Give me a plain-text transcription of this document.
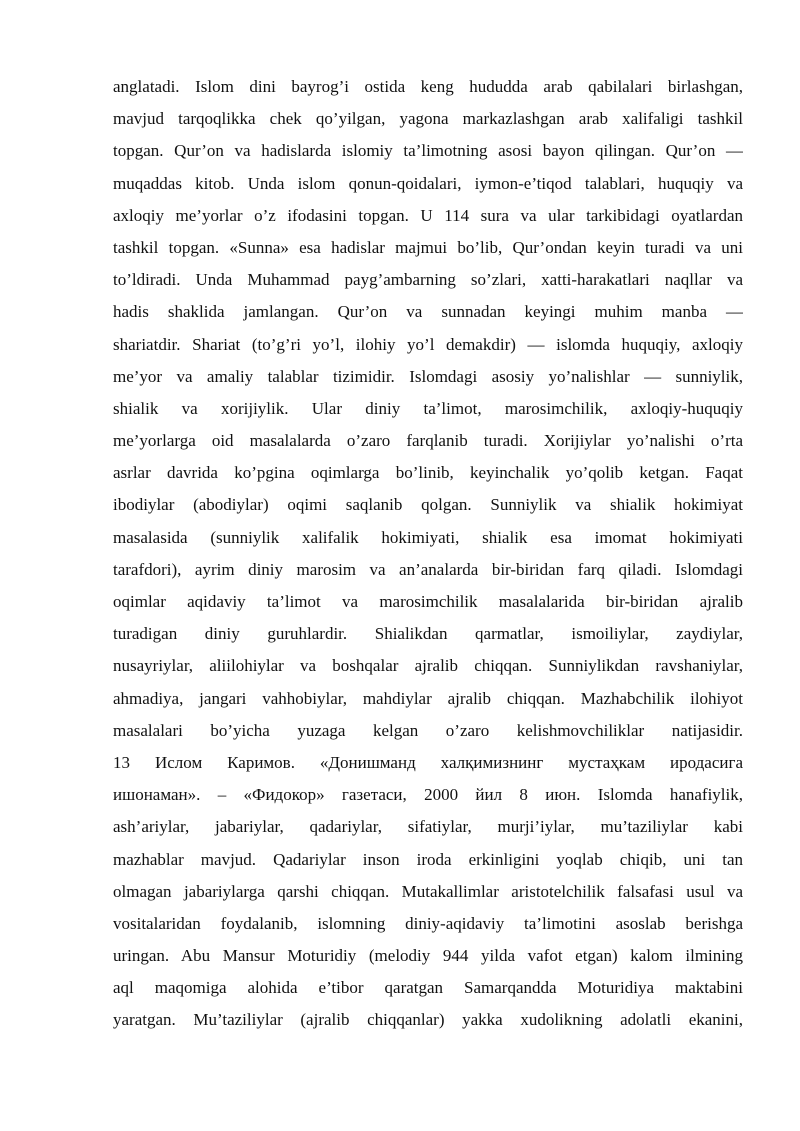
anglatadi. Islom dini bayrog’i ostida keng hududda arab qabilalari birlashgan,
mavjud tarqoqlikka chek qo’yilgan, yagona markazlashgan arab xalifaligi tashkil
topgan. Qur’on va hadislarda islomiy ta’limotning asosi bayon qilingan. Qur’on —
muqaddas kitob. Unda islom qonun-qoidalari, iymon-e’tiqod talablari, huquqiy va
axloqiy me’yorlar o’z ifodasini topgan. U 114 sura va ular tarkibidagi oyatlardan
tashkil topgan. «Sunna» esa hadislar majmui bo’lib, Qur’ondan keyin turadi va uni
to’ldiradi. Unda Muhammad payg’ambarning so’zlari, xatti-harakatlari naqllar va
hadis shaklida jamlangan. Qur’on va sunnadan keyingi muhim manba —
shariatdir. Shariat (to’g’ri yo’l, ilohiy yo’l demakdir) — islomda huquqiy, axloqiy
me’yor va amaliy talablar tizimidir. Islomdagi asosiy yo’nalishlar — sunniylik,
shialik va xorijiylik. Ular diniy ta’limot, marosimchilik, axloqiy-huquqiy
me’yorlarga oid masalalarda o’zaro farqlanib turadi. Xorijiylar yo’nalishi o’rta
asrlar davrida ko’pgina oqimlarga bo’linib, keyinchalik yo’qolib ketgan. Faqat
ibodiylar (abodiylar) oqimi saqlanib qolgan. Sunniylik va shialik hokimiyat
masalasida (sunniylik xalifalik hokimiyati, shialik esa imomat hokimiyati
tarafdori), ayrim diniy marosim va an’analarda bir-biridan farq qiladi. Islomdagi
oqimlar aqidaviy ta’limot va marosimchilik masalalarida bir-biridan ajralib
turadigan diniy guruhlardir. Shialikdan qarmatlar, ismoiliylar, zaydiylar,
nusayriylar, aliilohiylar va boshqalar ajralib chiqqan. Sunniylikdan ravshaniylar,
ahmadiya, jangari vahhobiylar, mahdiylar ajralib chiqqan. Mazhabchilik ilohiyot
masalalari bo’yicha yuzaga kelgan o’zaro kelishmovchiliklar natijasidir.
13 Ислом Каримов. «Донишманд халқимизнинг мустаҳкам иродасига
ишонаман». – «Фидокор» газетаси, 2000 йил 8 июн. Islomda hanafiylik,
ash’ariylar, jabariylar, qadariylar, sifatiylar, murji’iylar, mu’taziliylar kabi
mazhablar mavjud. Qadariylar inson iroda erkinligini yoqlab chiqib, uni tan
olmagan jabariylarga qarshi chiqqan. Mutakallimlar aristotelchilik falsafasi usul va
vositalaridan foydalanib, islomning diniy-aqidaviy ta’limotini asoslab berishga
uringan. Abu Mansur Moturidiy (melodiy 944 yilda vafot etgan) kalom ilmining
aql maqomiga alohida e’tibor qaratgan Samarqandda Moturidiya maktabini
yaratgan. Mu’taziliylar (ajralib chiqqanlar) yakka xudolikning adolatli ekanini,
